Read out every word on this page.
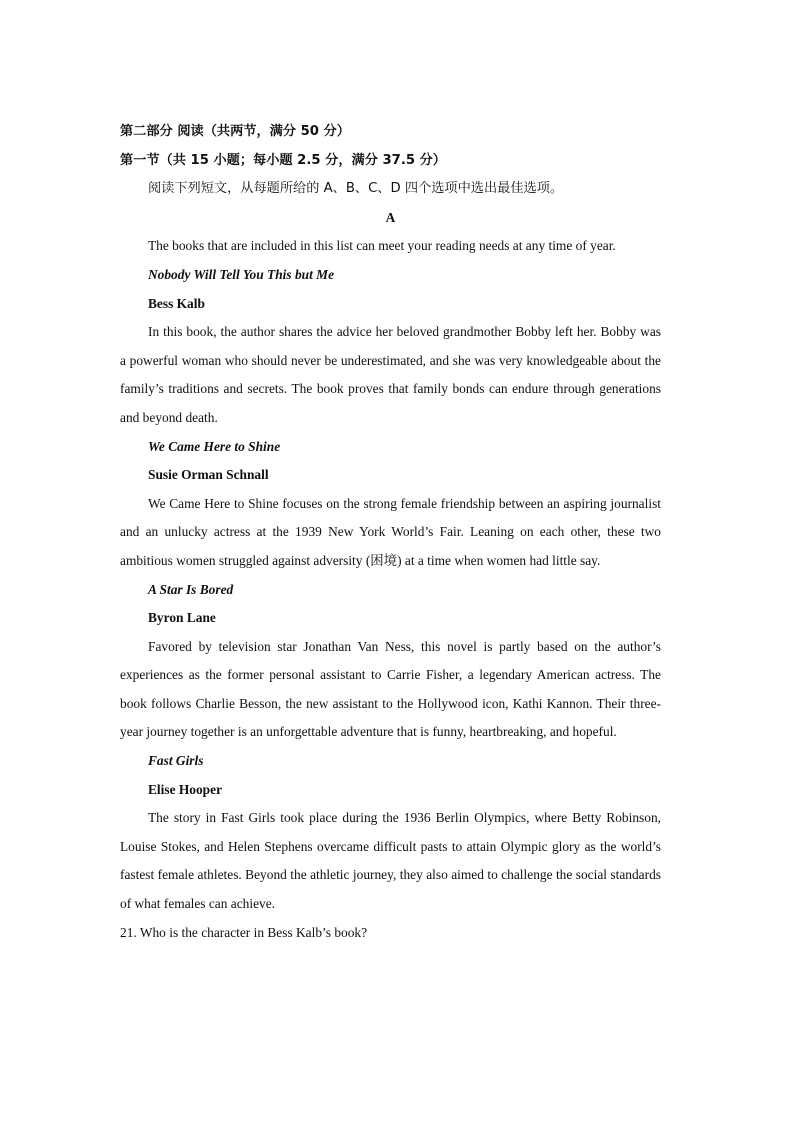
第二部分 阅读（共两节，满分 50 分）

第一节（共 15 小题；每小题 2.5 分，满分 37.5 分）

阅读下列短文，从每题所给的 A、B、C、D 四个选项中选出最佳选项。

A

The books that are included in this list can meet your reading needs at any time of year.

Nobody Will Tell You This but Me

Bess Kalb

In this book, the author shares the advice her beloved grandmother Bobby left her. Bobby was a powerful woman who should never be underestimated, and she was very knowledgeable about the family’s traditions and secrets. The book proves that family bonds can endure through generations and beyond death.

We Came Here to Shine

Susie Orman Schnall

We Came Here to Shine focuses on the strong female friendship between an aspiring journalist and an unlucky actress at the 1939 New York World’s Fair. Leaning on each other, these two ambitious women struggled against adversity (困境) at a time when women had little say.

A Star Is Bored

Byron Lane

Favored by television star Jonathan Van Ness, this novel is partly based on the author’s experiences as the former personal assistant to Carrie Fisher, a legendary American actress. The book follows Charlie Besson, the new assistant to the Hollywood icon, Kathi Kannon. Their three-year journey together is an unforgettable adventure that is funny, heartbreaking, and hopeful.

Fast Girls

Elise Hooper

The story in Fast Girls took place during the 1936 Berlin Olympics, where Betty Robinson, Louise Stokes, and Helen Stephens overcame difficult pasts to attain Olympic glory as the world’s fastest female athletes. Beyond the athletic journey, they also aimed to challenge the social standards of what females can achieve.

21. Who is the character in Bess Kalb’s book?
